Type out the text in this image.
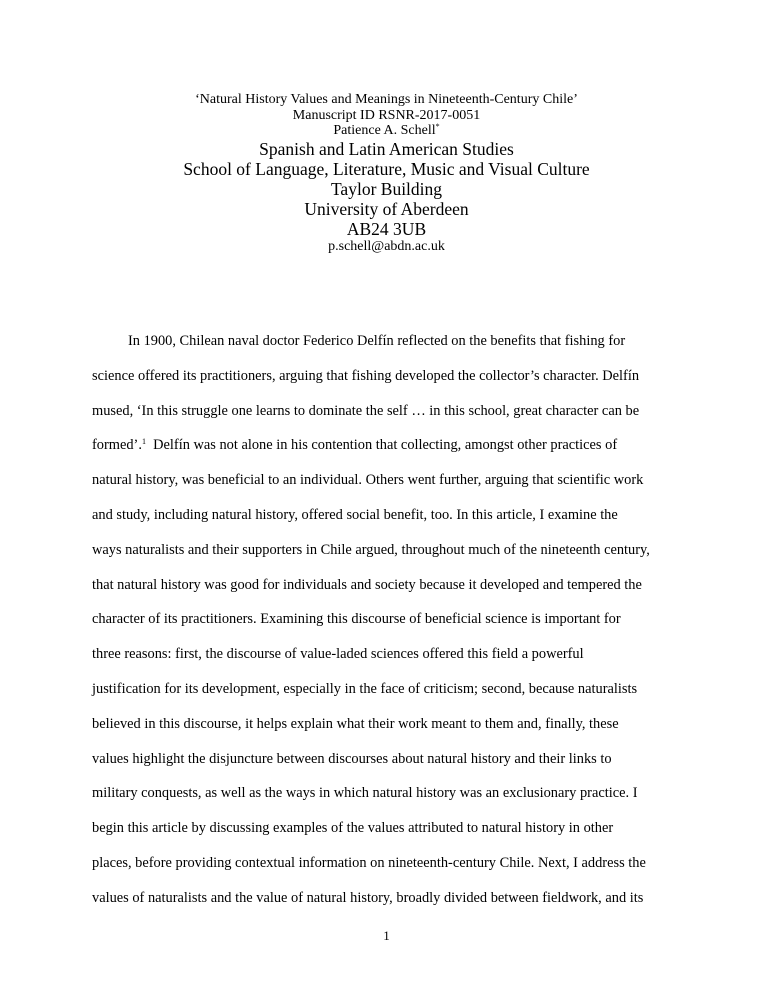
‘Natural History Values and Meanings in Nineteenth-Century Chile’
Manuscript ID RSNR-2017-0051
Patience A. Schell*
Spanish and Latin American Studies
School of Language, Literature, Music and Visual Culture
Taylor Building
University of Aberdeen
AB24 3UB
p.schell@abdn.ac.uk
In 1900, Chilean naval doctor Federico Delfín reflected on the benefits that fishing for
science offered its practitioners, arguing that fishing developed the collector’s character. Delfín
mused, ‘In this struggle one learns to dominate the self … in this school, great character can be
formed’.$^1$  Delfín was not alone in his contention that collecting, amongst other practices of
natural history, was beneficial to an individual. Others went further, arguing that scientific work
and study, including natural history, offered social benefit, too. In this article, I examine the
ways naturalists and their supporters in Chile argued, throughout much of the nineteenth century,
that natural history was good for individuals and society because it developed and tempered the
character of its practitioners. Examining this discourse of beneficial science is important for
three reasons: first, the discourse of value-laded sciences offered this field a powerful
justification for its development, especially in the face of criticism; second, because naturalists
believed in this discourse, it helps explain what their work meant to them and, finally, these
values highlight the disjuncture between discourses about natural history and their links to
military conquests, as well as the ways in which natural history was an exclusionary practice. I
begin this article by discussing examples of the values attributed to natural history in other
places, before providing contextual information on nineteenth-century Chile. Next, I address the
values of naturalists and the value of natural history, broadly divided between fieldwork, and its
1
